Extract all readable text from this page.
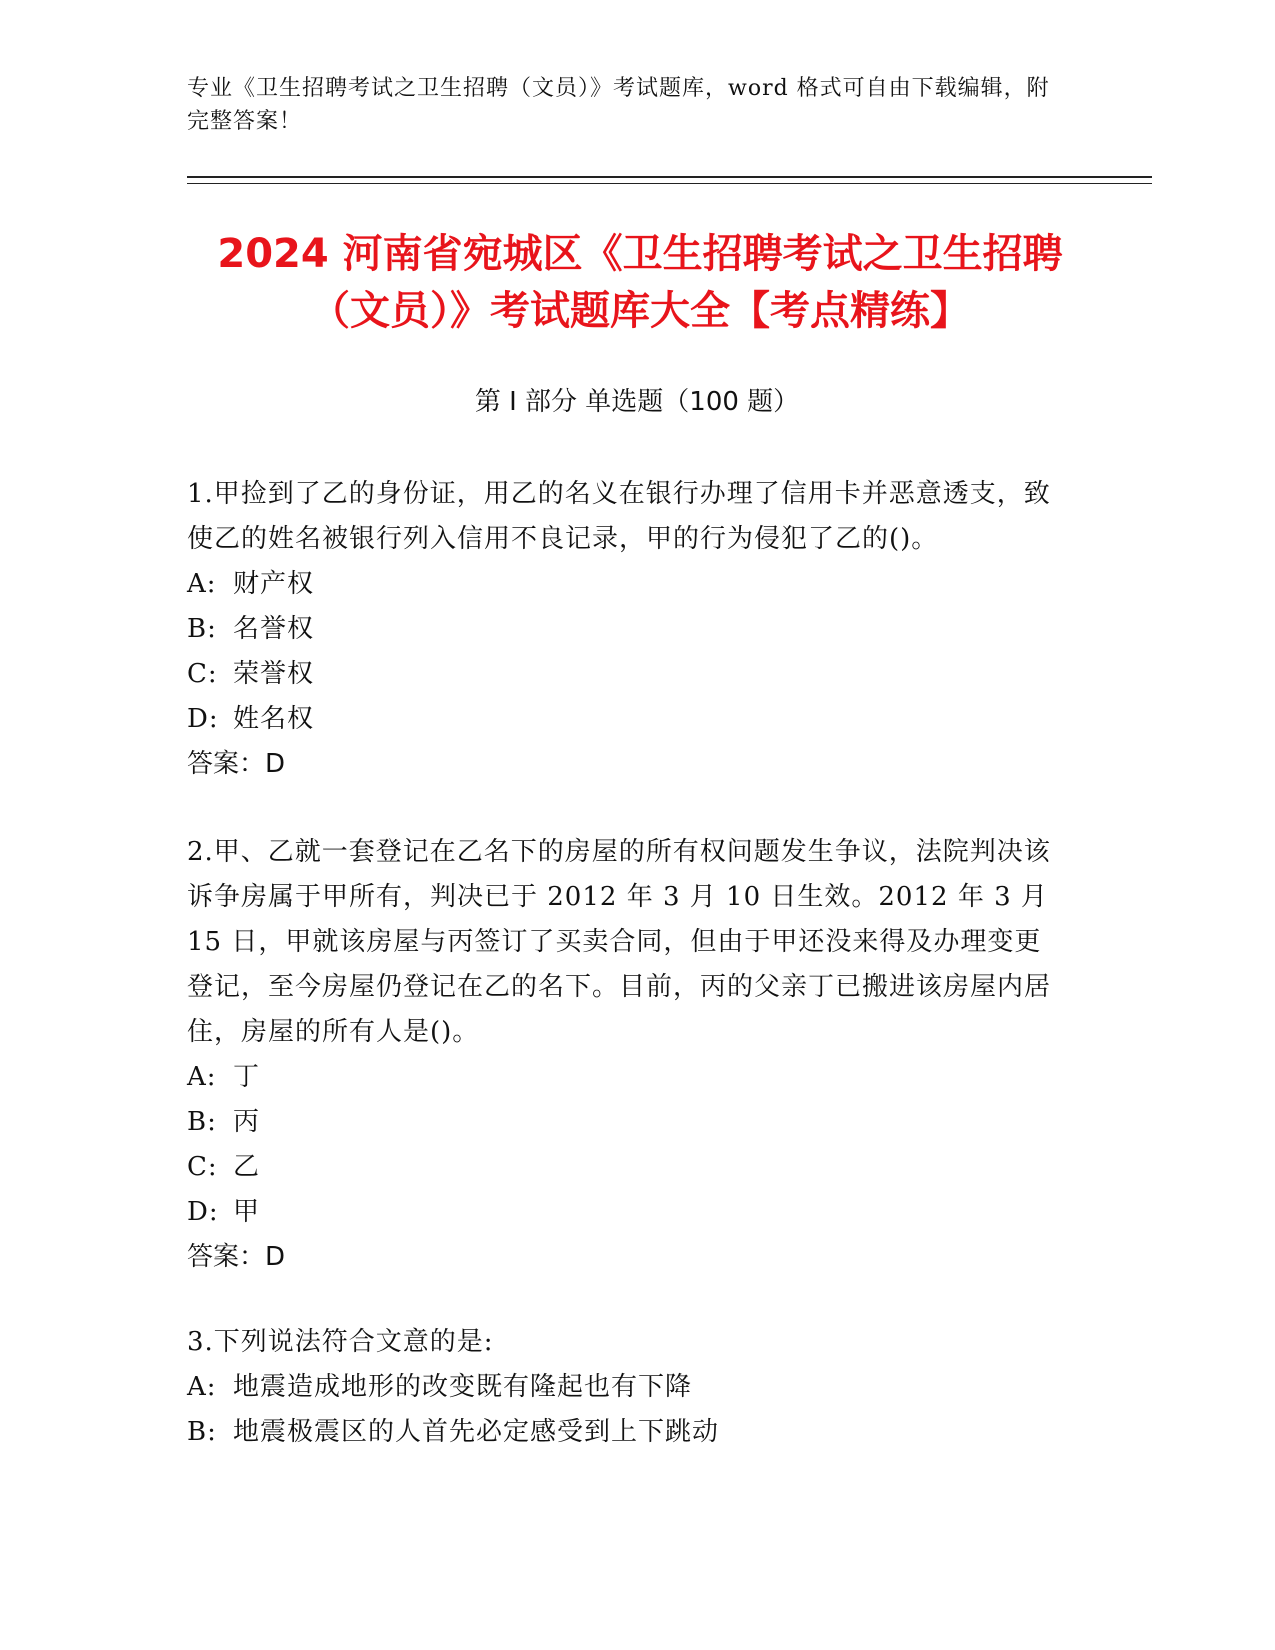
专业《卫生招聘考试之卫生招聘（文员）》考试题库，word 格式可自由下载编辑，附完整答案！
2024 河南省宛城区《卫生招聘考试之卫生招聘（文员）》考试题库大全【考点精练】
第 I 部分 单选题（100 题）

1.甲捡到了乙的身份证，用乙的名义在银行办理了信用卡并恶意透支，致使乙的姓名被银行列入信用不良记录，甲的行为侵犯了乙的()。

A: 财产权
B: 名誉权
C: 荣誉权
D: 姓名权
答案：D

2.甲、乙就一套登记在乙名下的房屋的所有权问题发生争议，法院判决该诉争房属于甲所有，判决已于 2012 年 3 月 10 日生效。2012 年 3 月 15 日，甲就该房屋与丙签订了买卖合同，但由于甲还没来得及办理变更登记，至今房屋仍登记在乙的名下。目前，丙的父亲丁已搬进该房屋内居住，房屋的所有人是()。

A: 丁
B: 丙
C: 乙
D: 甲
答案：D

3.下列说法符合文意的是:

A: 地震造成地形的改变既有隆起也有下降
B: 地震极震区的人首先必定感受到上下跳动
